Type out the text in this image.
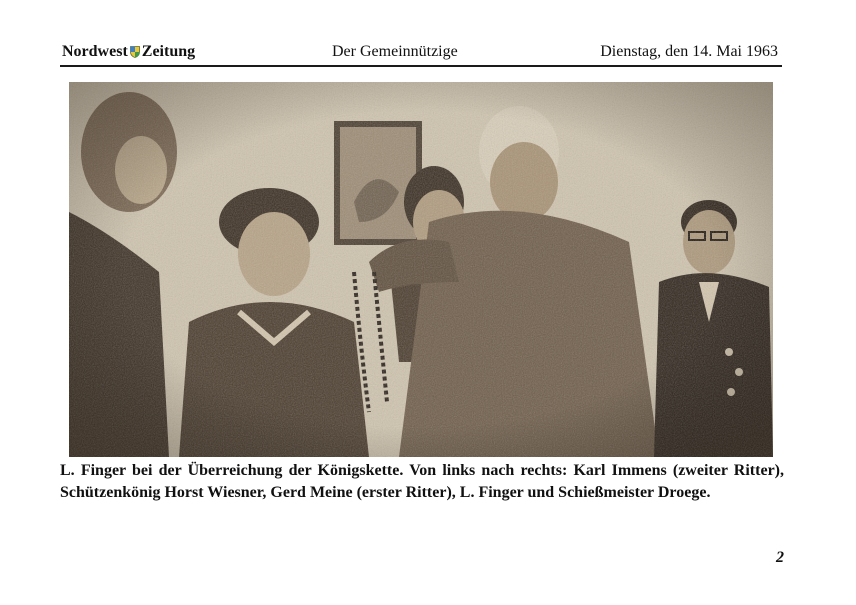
Nordwest Zeitung	Der Gemeinnützige	Dienstag, den 14. Mai 1963
L. Finger bei der Überreichung der Königskette. Von links nach rechts: Karl Immens (zweiter Ritter), Schützenkönig Horst Wiesner, Gerd Meine (erster Ritter), L. Finger und Schießmeister Droege.
2
